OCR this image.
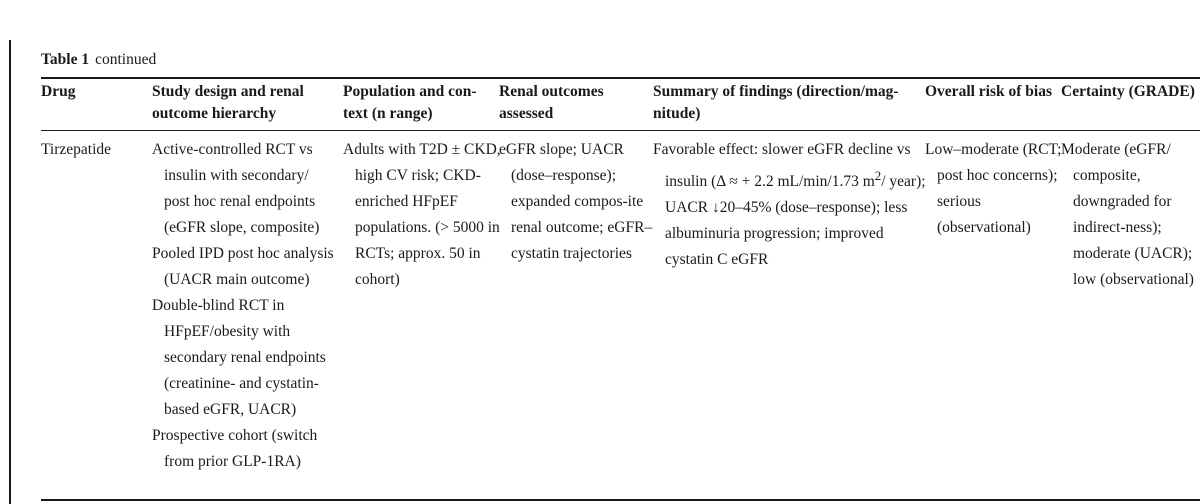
Table 1 continued
Drug	Study design and renal outcome hierarchy
Population and con-text (n range)
Renal outcomes assessed
Summary of findings (direction/mag-nitude)
Overall risk of bias Certainty (GRADE)
Tirzepatide	Active-controlled RCT vs insulin with secondary/ post hoc renal endpoints (eGFR slope, composite)
Pooled IPD post hoc analysis (UACR main outcome)
Double-blind RCT in HFpEF/obesity with secondary renal endpoints (creatinine- and cystatin-based eGFR, UACR)
Prospective cohort (switch from prior GLP-1RA)
Adults with T2D ± CKD, high CV risk; CKD-enriched HFpEF populations. (> 5000 in RCTs; approx. 50 in cohort)
eGFR slope; UACR (dose–response); expanded compos-ite renal outcome; eGFR–cystatin trajectories
Favorable effect: slower eGFR decline vs insulin (Δ ≈ + 2.2 mL/min/1.73 $m^2/$ year); UACR ↓20–45% (dose–response); less albuminuria progression; improved cystatin C eGFR
Low–moderate (RCT; post hoc concerns); serious (observational)
Moderate (eGFR/ composite, downgraded for indirect-ness); moderate (UACR); low (observational)
